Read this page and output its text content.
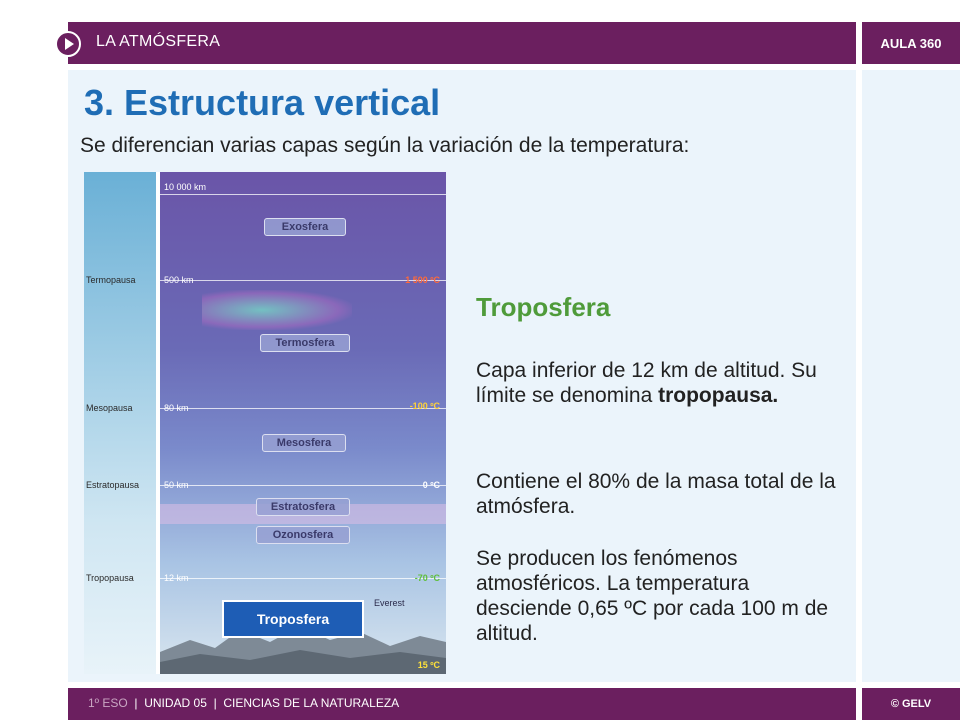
LA ATMÓSFERA	AULA 360
3. Estructura vertical

Se diferencian varias capas según la variación de la temperatura:

Termopausa
Mesopausa
Estratopausa
Tropopausa
10 000 km
500 km
80 km
50 km
12 km
1 500 ºC
-100 ºC
0 ºC
-70 ºC
15 ºC
Exosfera
Termosfera
Mesosfera
Estratosfera
Ozonosfera
Everest
Troposfera
Troposfera

Capa inferior de 12 km de altitud. Su límite se denomina tropopausa.

Contiene el 80% de la masa total de la atmósfera.

Se producen los fenómenos atmosféricos. La temperatura desciende 0,65 ºC por cada 100 m de altitud.

1º ESO | UNIDAD 05 | CIENCIAS DE LA NATURALEZA	© GELV
